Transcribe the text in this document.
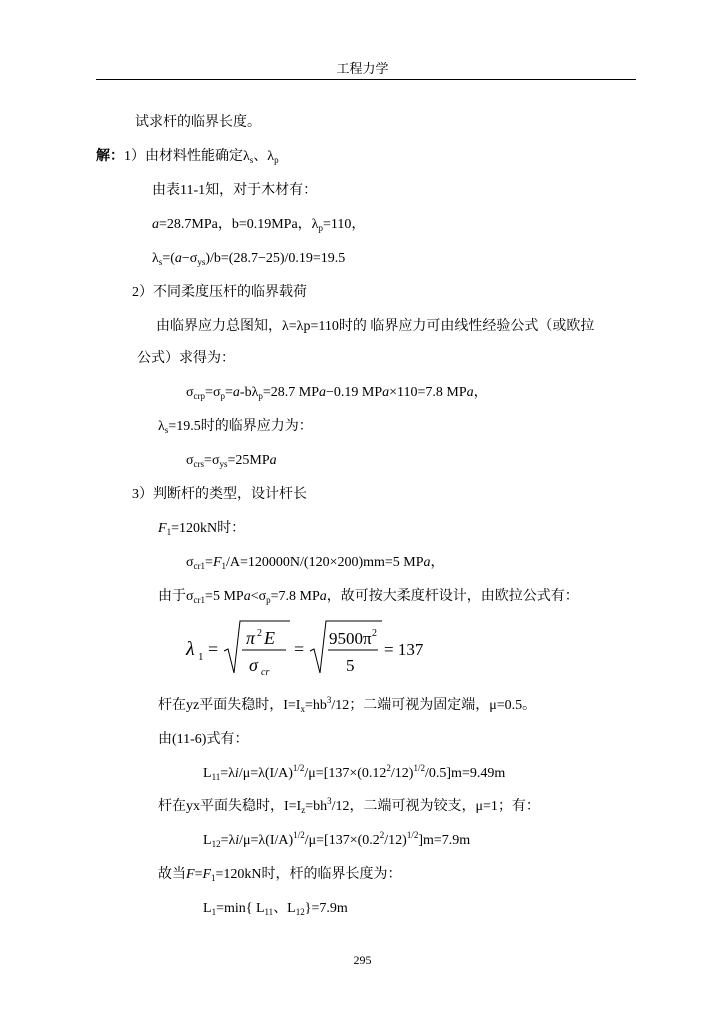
工程力学
试求杆的临界长度。
解：1）由材料性能确定$\lambda_s$、$\lambda_p$
由表11-1知，对于木材有：
a=28.7MPa，b=0.19MPa，$\lambda_p=110$，
$\lambda_s=(a-\sigma_{ys})/b=(28.7-25)/0.19=19.5$
2）不同柔度压杆的临界载荷
由临界应力总图知，λ=λp=110时的 临界应力可由线性经验公式（或欧拉
公式）求得为：
$\sigma_{crp}=\sigma_p=a-b\lambda_p=28.7$ MPa−0.19 MPa×110=7.8 MPa，
$\lambda_s=19.5$时的临界应力为：
$\sigma_{crs}=\sigma_{ys}=25MPa$
3）判断杆的类型，设计杆长
$F_1=120kN$时：
$\sigma_{cr1}=F_1/A=120000N/(120\times 200)mm=5$ MPa，
由于$\sigma_{cr1}=5$ $MPa<\sigma_p=7.8$ MPa，故可按大柔度杆设计，由欧拉公式有：
λ 1 =
π 2 E
σ cr
=
9500π 2
5
= 137
杆在yz平面失稳时，$I=I_x=hb^3/12$；二端可视为固定端，μ=0.5。
由(11-6)式有：
$L_{11}=\lambda i/\mu=\lambda(I/A)^{1/2}/\mu=[137\times(0.12^2/12)^{1/2}/0.5]m=9.49m$
杆在yx平面失稳时，$I=I_z=bh^3/12$，二端可视为铰支，μ=1；有：
$L_{12}=\lambda i/\mu=\lambda(I/A)^{1/2}/\mu=[137\times(0.2^2/12)^{1/2}]m=7.9m$
故当$F=F_1=120kN$时，杆的临界长度为：
$L_1=\min${ $L_{11}$、$L_{12}\}=7.9m$
295
